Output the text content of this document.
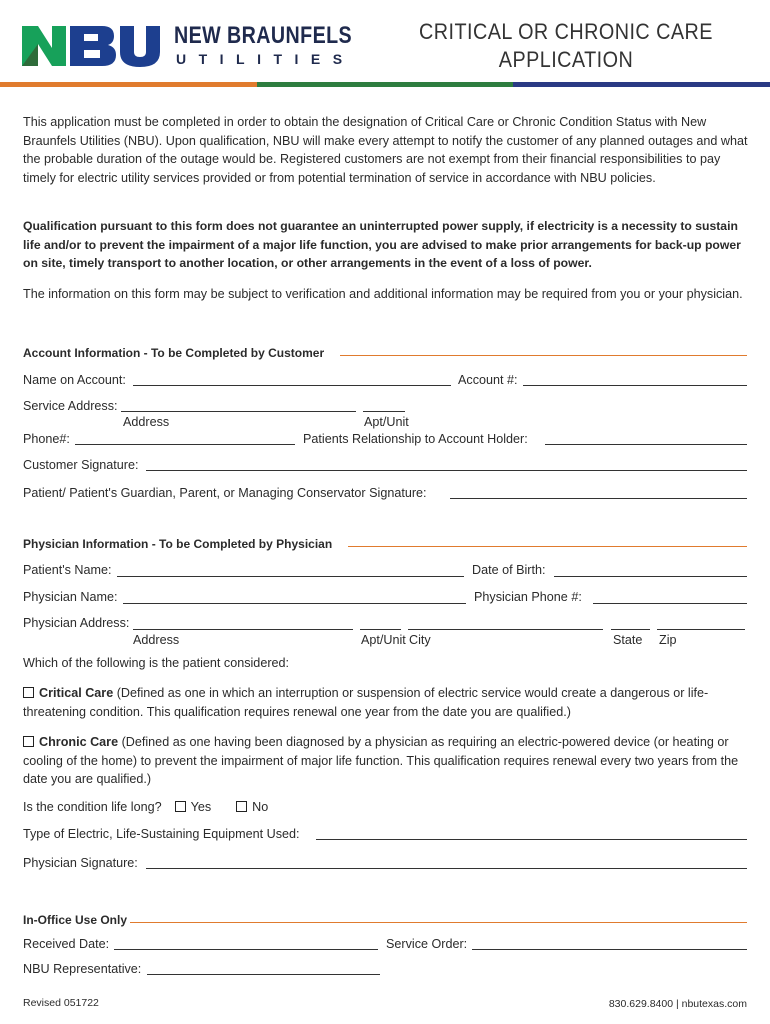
NEW BRAUNFELS
UTILITIES
CRITICAL OR CHRONIC CARE
APPLICATION
This application must be completed in order to obtain the designation of Critical Care or Chronic Condition Status with New Braunfels Utilities (NBU). Upon qualification, NBU will make every attempt to notify the customer of any planned outages and what the probable duration of the outage would be. Registered customers are not exempt from their financial responsibilities to pay timely for electric utility services provided or from potential termination of service in accordance with NBU policies.
Qualification pursuant to this form does not guarantee an uninterrupted power supply, if electricity is a necessity to sustain life and/or to prevent the impairment of a major life function, you are advised to make prior arrangements for back-up power on site, timely transport to another location, or other arrangements in the event of a loss of power.
The information on this form may be subject to verification and additional information may be required from you or your physician.
Account Information - To be Completed by Customer
Name on Account:	Account #:
Service Address:
Address	Apt/Unit
Phone#:	Patients Relationship to Account Holder:
Customer Signature:
Patient/ Patient's Guardian, Parent, or Managing Conservator Signature:
Physician Information - To be Completed by Physician
Patient's Name:	Date of Birth:
Physician Name:	Physician Phone #:
Physician Address:
Address	Apt/Unit City	State Zip
Which of the following is the patient considered:
Critical Care (Defined as one in which an interruption or suspension of electric service would create a dangerous or life-threatening condition. This qualification requires renewal one year from the date you are qualified.)
Chronic Care (Defined as one having been diagnosed by a physician as requiring an electric-powered device (or heating or cooling of the home) to prevent the impairment of major life function. This qualification requires renewal every two years from the date you are qualified.)
Is the condition life long? Yes	No
Type of Electric, Life-Sustaining Equipment Used:
Physician Signature:
In-Office Use Only
Received Date:	Service Order:
NBU Representative:
Revised 051722	830.629.8400 | nbutexas.com
